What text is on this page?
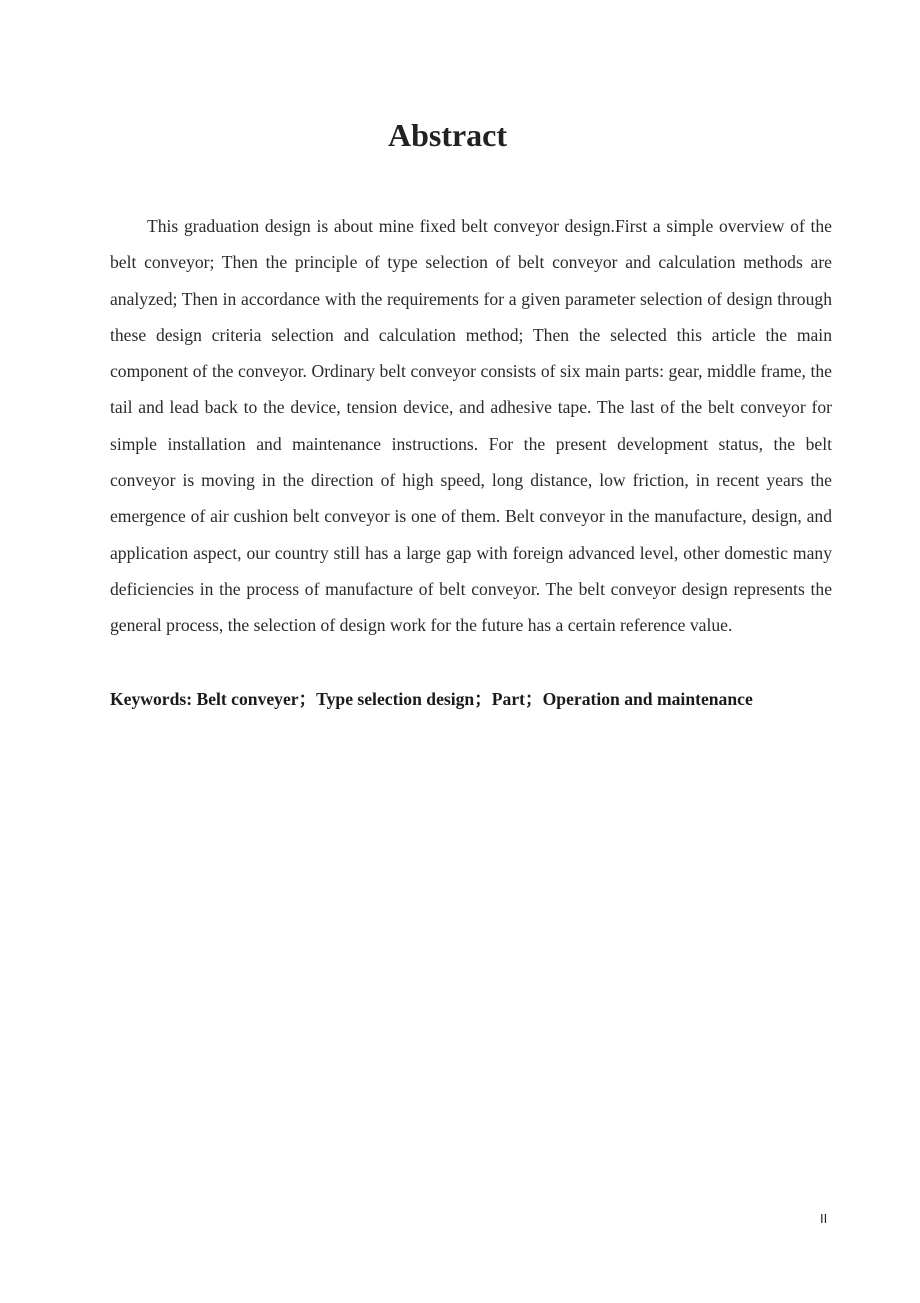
Abstract

This graduation design is about mine fixed belt conveyor design.First a simple overview of the belt conveyor; Then the principle of type selection of belt conveyor and calculation methods are analyzed; Then in accordance with the requirements for a given parameter selection of design through these design criteria selection and calculation method; Then the selected this article the main component of the conveyor. Ordinary belt conveyor consists of six main parts: gear, middle frame, the tail and lead back to the device, tension device, and adhesive tape. The last of the belt conveyor for simple installation and maintenance instructions. For the present development status, the belt conveyor is moving in the direction of high speed, long distance, low friction, in recent years the emergence of air cushion belt conveyor is one of them. Belt conveyor in the manufacture, design, and application aspect, our country still has a large gap with foreign advanced level, other domestic many deficiencies in the process of manufacture of belt conveyor. The belt conveyor design represents the general process, the selection of design work for the future has a certain reference value.

Keywords: Belt conveyer；Type selection design；Part；Operation and maintenance

II
